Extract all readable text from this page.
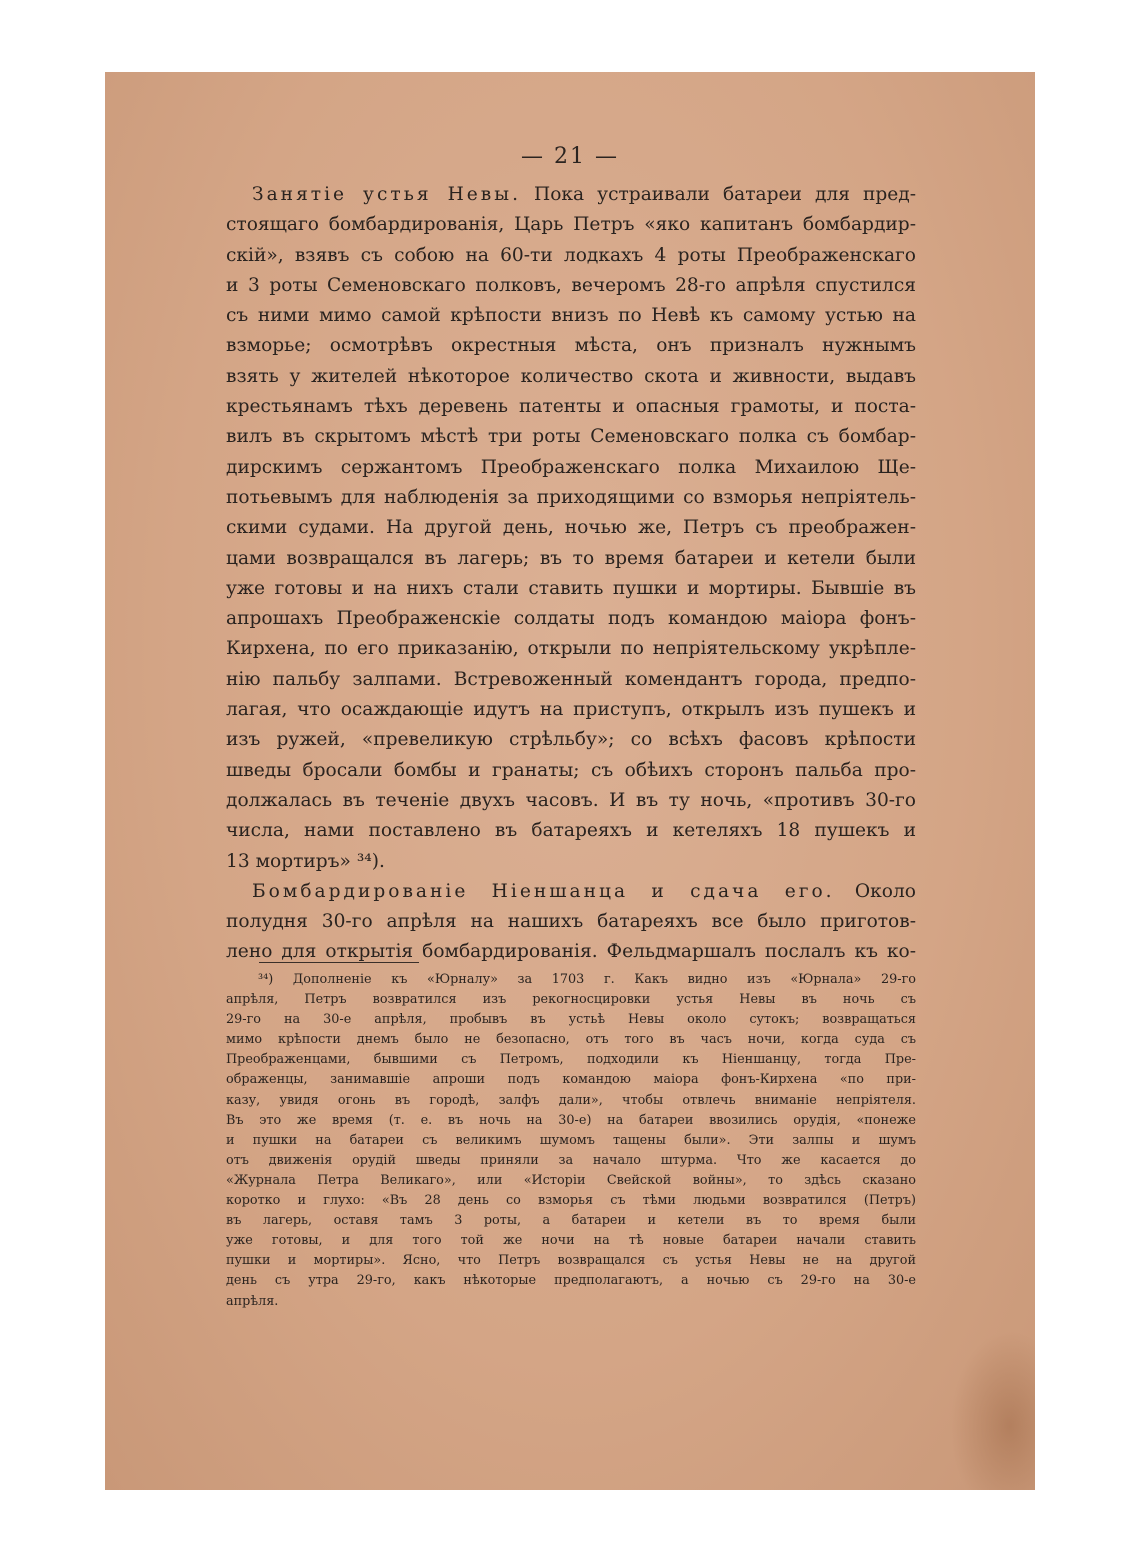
— 21 —
Занятіе устья Невы. Пока устраивали батареи для пред-
стоящаго бомбардированія, Царь Петръ «яко капитанъ бомбардир-
скій», взявъ съ собою на 60-ти лодкахъ 4 роты Преображенскаго
и 3 роты Семеновскаго полковъ, вечеромъ 28-го апрѣля спустился
съ ними мимо самой крѣпости внизъ по Невѣ къ самому устью на
взморье; осмотрѣвъ окрестныя мѣста, онъ призналъ нужнымъ
взять у жителей нѣкоторое количество скота и живности, выдавъ
крестьянамъ тѣхъ деревень патенты и опасныя грамоты, и поста-
вилъ въ скрытомъ мѣстѣ три роты Семеновскаго полка съ бомбар-
дирскимъ сержантомъ Преображенскаго полка Михаилою Ще-
потьевымъ для наблюденія за приходящими со взморья непріятель-
скими судами. На другой день, ночью же, Петръ съ преображен-
цами возвращался въ лагерь; въ то время батареи и кетели были
уже готовы и на нихъ стали ставить пушки и мортиры. Бывшіе въ
апрошахъ Преображенскіе солдаты подъ командою маіора фонъ-
Кирхена, по его приказанію, открыли по непріятельскому укрѣпле-
нію пальбу залпами. Встревоженный комендантъ города, предпо-
лагая, что осаждающіе идутъ на приступъ, открылъ изъ пушекъ и
изъ ружей, «превеликую стрѣльбу»; со всѣхъ фасовъ крѣпости
шведы бросали бомбы и гранаты; съ обѣихъ сторонъ пальба про-
должалась въ теченіе двухъ часовъ. И въ ту ночь, «противъ 30-го
числа, нами поставлено въ батареяхъ и кетеляхъ 18 пушекъ и
13 мортиръ» ³⁴).
Бомбардированіе Ніеншанца и сдача его. Около
полудня 30-го апрѣля на нашихъ батареяхъ все было приготов-
лено для открытія бомбардированія. Фельдмаршалъ послалъ къ ко-
³⁴) Дополненіе къ «Юрналу» за 1703 г. Какъ видно изъ «Юрнала» 29-го
апрѣля, Петръ возвратился изъ рекогносцировки устья Невы въ ночь съ
29-го на 30-е апрѣля, пробывъ въ устьѣ Невы около сутокъ; возвращаться
мимо крѣпости днемъ было не безопасно, отъ того въ часъ ночи, когда суда съ
Преображенцами, бывшими съ Петромъ, подходили къ Ніеншанцу, тогда Пре-
ображенцы, занимавшіе апроши подъ командою маіора фонъ-Кирхена «по при-
казу, увидя огонь въ городѣ, залфъ дали», чтобы отвлечь вниманіе непріятеля.
Въ это же время (т. е. въ ночь на 30-е) на батареи ввозились орудія, «понеже
и пушки на батареи съ великимъ шумомъ тащены были». Эти залпы и шумъ
отъ движенія орудій шведы приняли за начало штурма. Что же касается до
«Журнала Петра Великаго», или «Исторіи Свейской войны», то здѣсь сказано
коротко и глухо: «Въ 28 день со взморья съ тѣми людьми возвратился (Петръ)
въ лагерь, оставя тамъ 3 роты, а батареи и кетели въ то время были
уже готовы, и для того той же ночи на тѣ новые батареи начали ставить
пушки и мортиры». Ясно, что Петръ возвращался съ устья Невы не на другой
день съ утра 29-го, какъ нѣкоторые предполагаютъ, а ночью съ 29-го на 30-е
апрѣля.
